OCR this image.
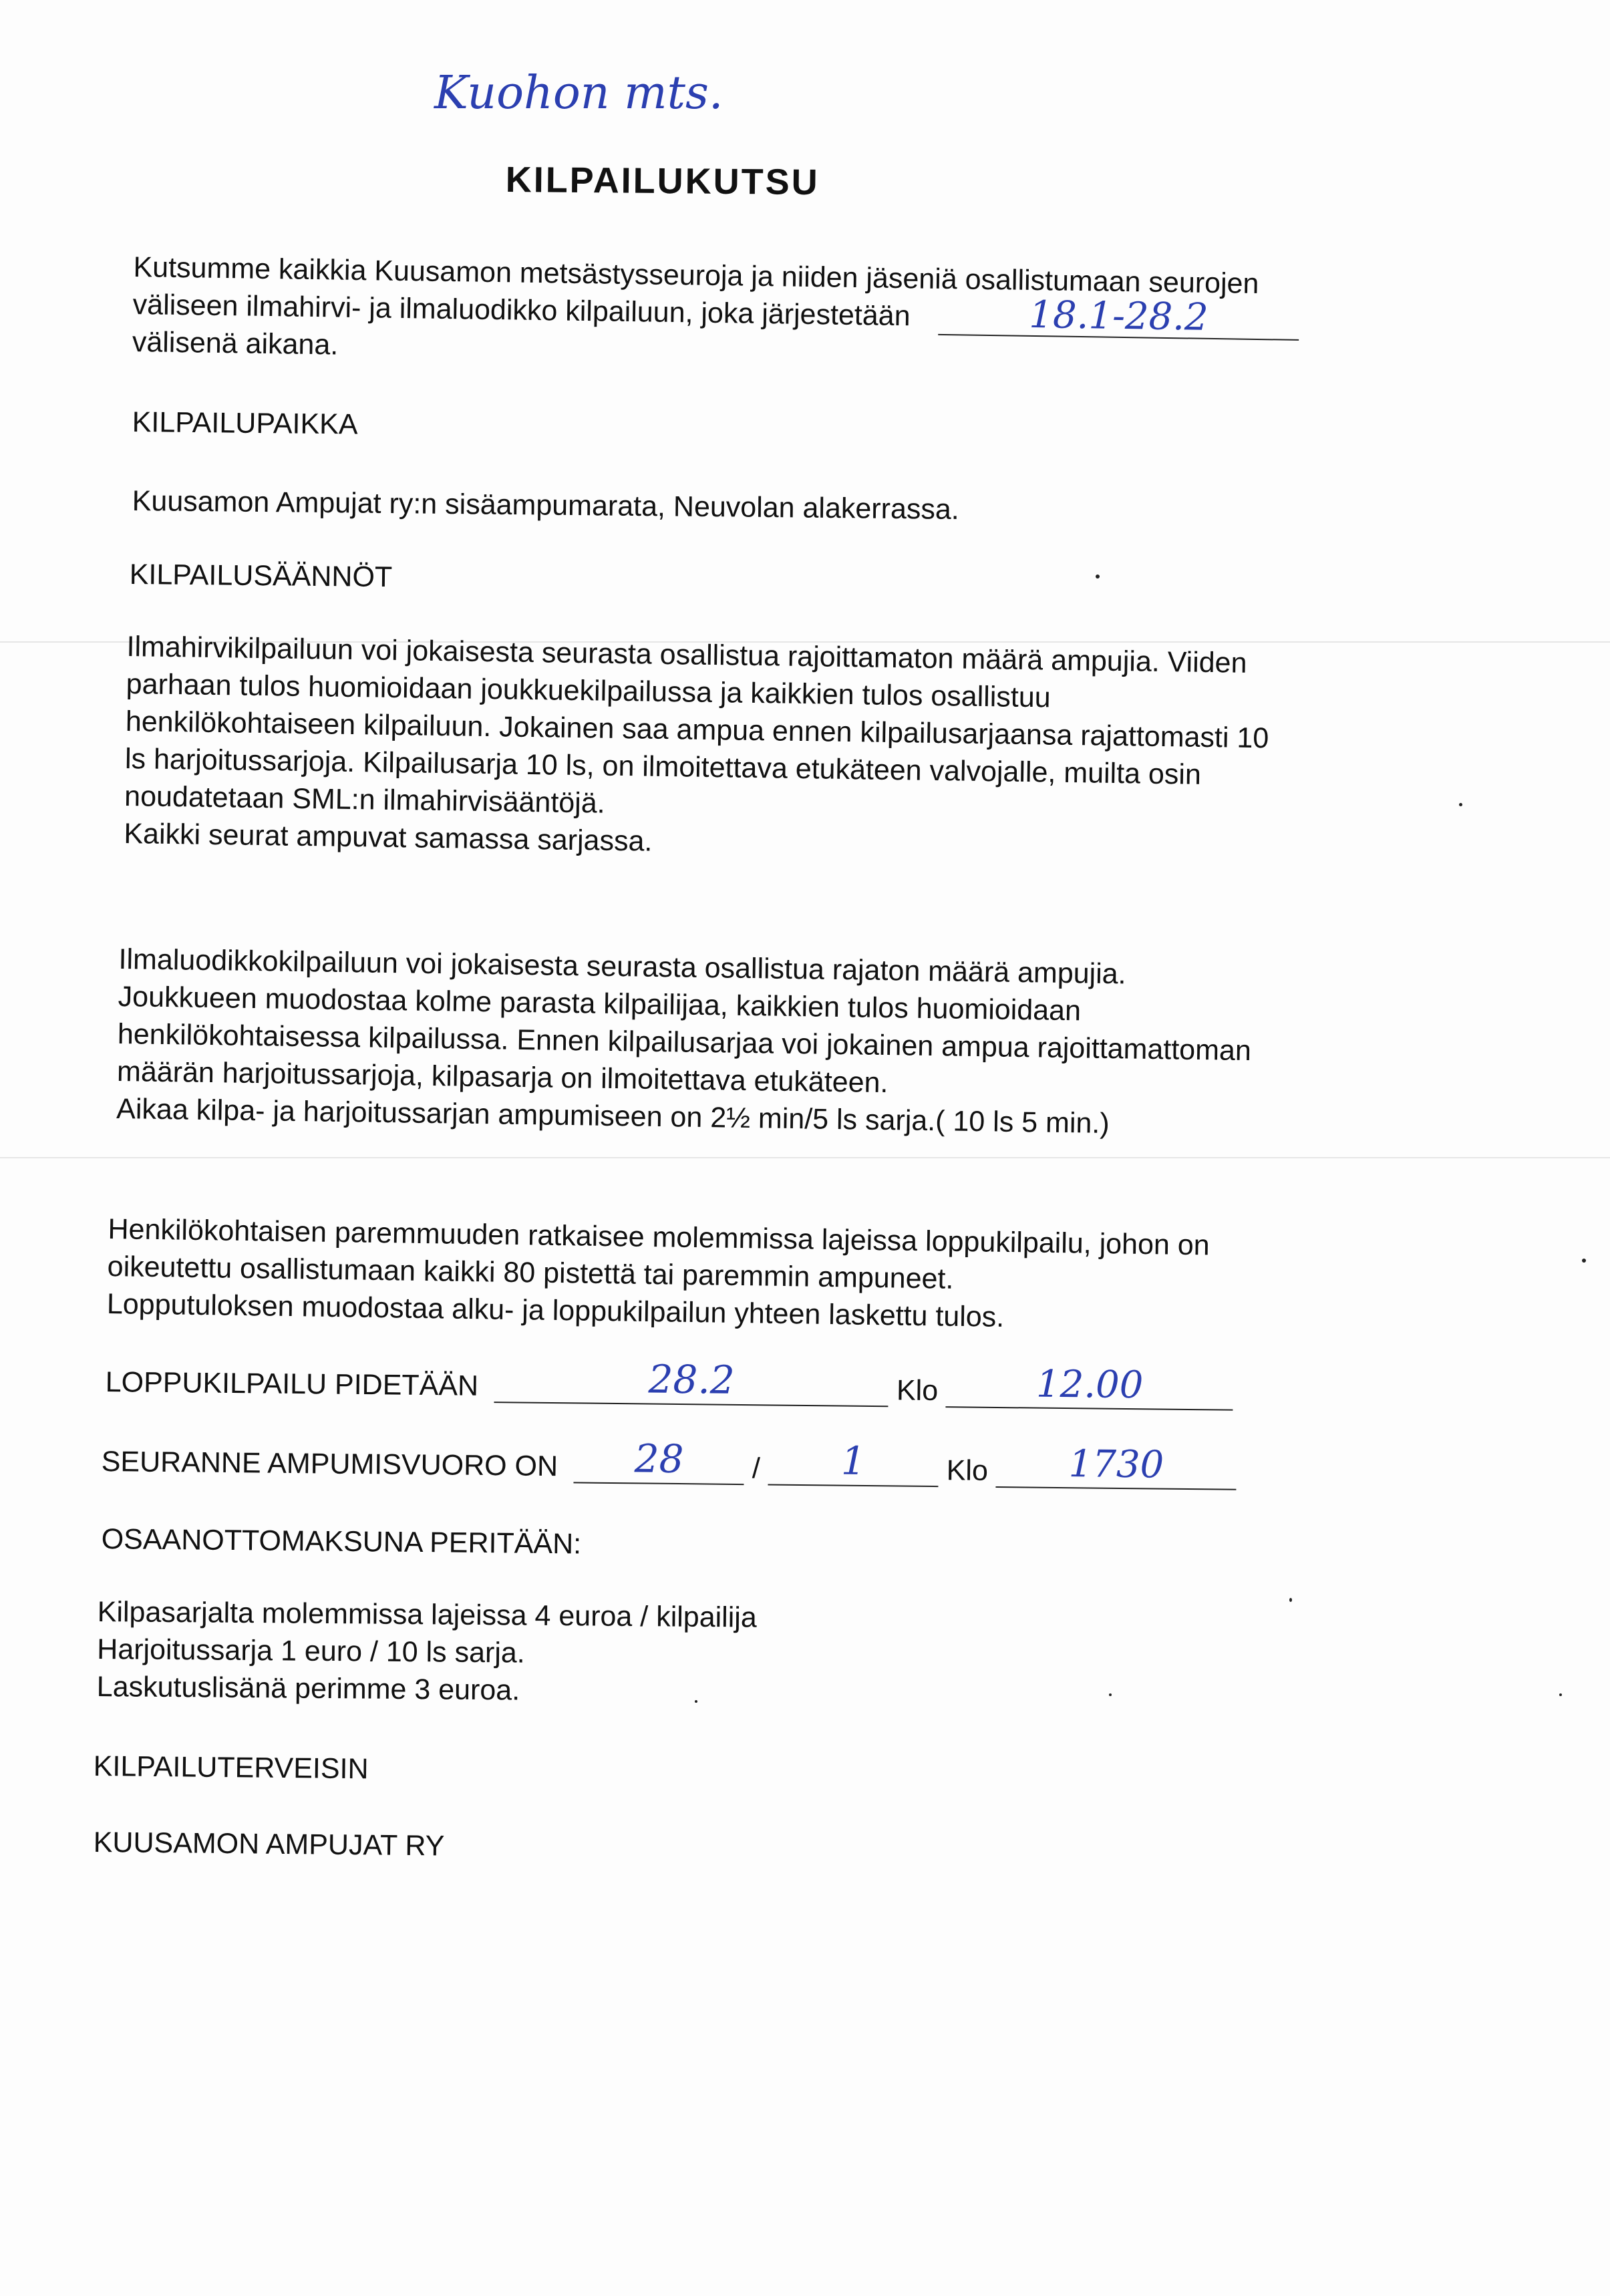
Kuohon mts.
KILPAILUKUTSU
Kutsumme kaikkia Kuusamon metsästysseuroja ja niiden jäseniä osallistumaan seurojen
väliseen ilmahirvi- ja ilmaluodikko kilpailuun, joka järjestetään	18.1-28.2
välisenä aikana.
KILPAILUPAIKKA
Kuusamon Ampujat ry:n sisäampumarata, Neuvolan alakerrassa.
KILPAILUSÄÄNNÖT
Ilmahirvikilpailuun voi jokaisesta seurasta osallistua rajoittamaton määrä ampujia. Viiden
parhaan tulos huomioidaan joukkuekilpailussa ja kaikkien tulos osallistuu
henkilökohtaiseen kilpailuun. Jokainen saa ampua ennen kilpailusarjaansa rajattomasti 10
ls harjoitussarjoja. Kilpailusarja 10 ls, on ilmoitettava etukäteen valvojalle, muilta osin
noudatetaan SML:n ilmahirvisääntöjä.
Kaikki seurat ampuvat samassa sarjassa.
Ilmaluodikkokilpailuun voi jokaisesta seurasta osallistua rajaton määrä ampujia.
Joukkueen muodostaa kolme parasta kilpailijaa, kaikkien tulos huomioidaan
henkilökohtaisessa kilpailussa. Ennen kilpailusarjaa voi jokainen ampua rajoittamattoman
määrän harjoitussarjoja, kilpasarja on ilmoitettava etukäteen.
Aikaa kilpa- ja harjoitussarjan ampumiseen on 2½ min/5 ls sarja.( 10 ls 5 min.)
Henkilökohtaisen paremmuuden ratkaisee molemmissa lajeissa loppukilpailu, johon on
oikeutettu osallistumaan kaikki 80 pistettä tai paremmin ampuneet.
Lopputuloksen muodostaa alku- ja loppukilpailun yhteen laskettu tulos.
LOPPUKILPAILU PIDETÄÄN	28.2	Klo	12.00
SEURANNE AMPUMISVUORO ON	28	/	1	Klo	1730
OSAANOTTOMAKSUNA PERITÄÄN:
Kilpasarjalta molemmissa lajeissa 4 euroa / kilpailija
Harjoitussarja 1 euro / 10 ls sarja.
Laskutuslisänä perimme 3 euroa.
KILPAILUTERVEISIN
KUUSAMON AMPUJAT RY
